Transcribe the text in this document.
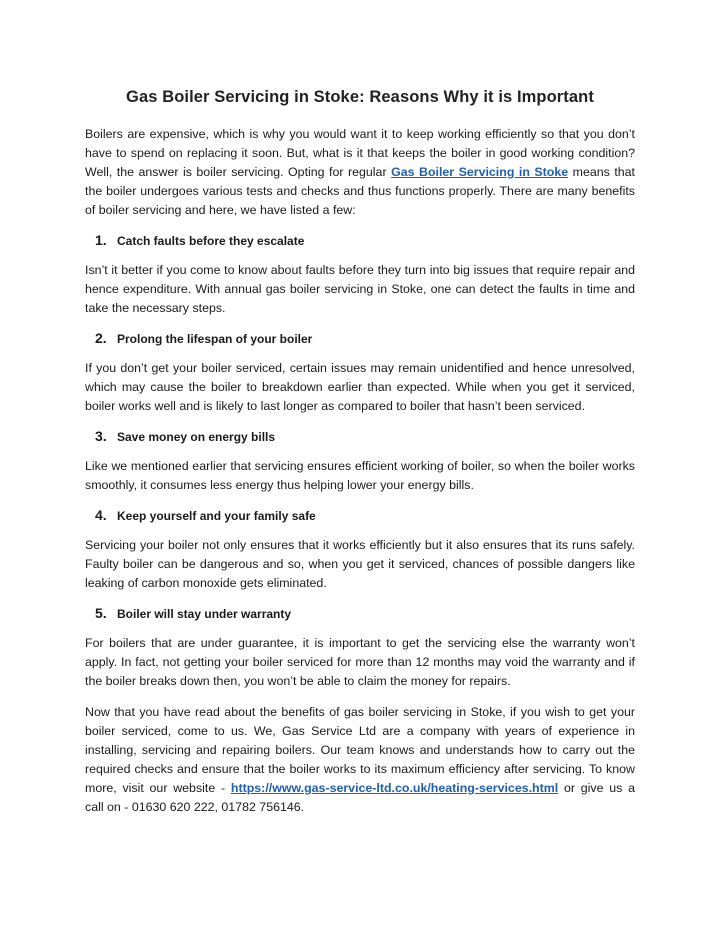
Gas Boiler Servicing in Stoke: Reasons Why it is Important

Boilers are expensive, which is why you would want it to keep working efficiently so that you don’t have to spend on replacing it soon. But, what is it that keeps the boiler in good working condition? Well, the answer is boiler servicing. Opting for regular Gas Boiler Servicing in Stoke means that the boiler undergoes various tests and checks and thus functions properly. There are many benefits of boiler servicing and here, we have listed a few:

1. Catch faults before they escalate

Isn’t it better if you come to know about faults before they turn into big issues that require repair and hence expenditure. With annual gas boiler servicing in Stoke, one can detect the faults in time and take the necessary steps.

2. Prolong the lifespan of your boiler

If you don’t get your boiler serviced, certain issues may remain unidentified and hence unresolved, which may cause the boiler to breakdown earlier than expected. While when you get it serviced, boiler works well and is likely to last longer as compared to boiler that hasn’t been serviced.

3. Save money on energy bills

Like we mentioned earlier that servicing ensures efficient working of boiler, so when the boiler works smoothly, it consumes less energy thus helping lower your energy bills.

4. Keep yourself and your family safe

Servicing your boiler not only ensures that it works efficiently but it also ensures that its runs safely. Faulty boiler can be dangerous and so, when you get it serviced, chances of possible dangers like leaking of carbon monoxide gets eliminated.

5. Boiler will stay under warranty

For boilers that are under guarantee, it is important to get the servicing else the warranty won’t apply. In fact, not getting your boiler serviced for more than 12 months may void the warranty and if the boiler breaks down then, you won’t be able to claim the money for repairs.

Now that you have read about the benefits of gas boiler servicing in Stoke, if you wish to get your boiler serviced, come to us. We, Gas Service Ltd are a company with years of experience in installing, servicing and repairing boilers. Our team knows and understands how to carry out the required checks and ensure that the boiler works to its maximum efficiency after servicing. To know more, visit our website - https://www.gas-service-ltd.co.uk/heating-services.html or give us a call on - 01630 620 222, 01782 756146.
